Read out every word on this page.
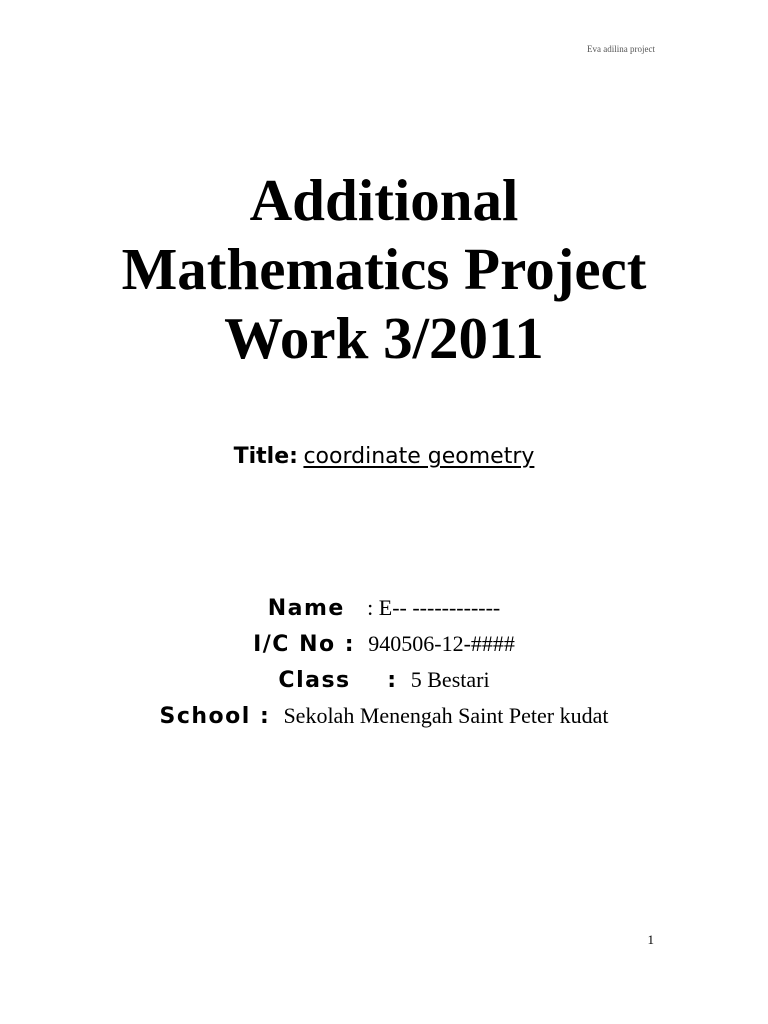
Eva adilina project
Additional
Mathematics Project
Work 3/2011
Title: coordinate geometry
Name   : E-- ------------
I/C No :  940506-12-####
Class    :  5 Bestari
School :  Sekolah Menengah Saint Peter kudat
1
